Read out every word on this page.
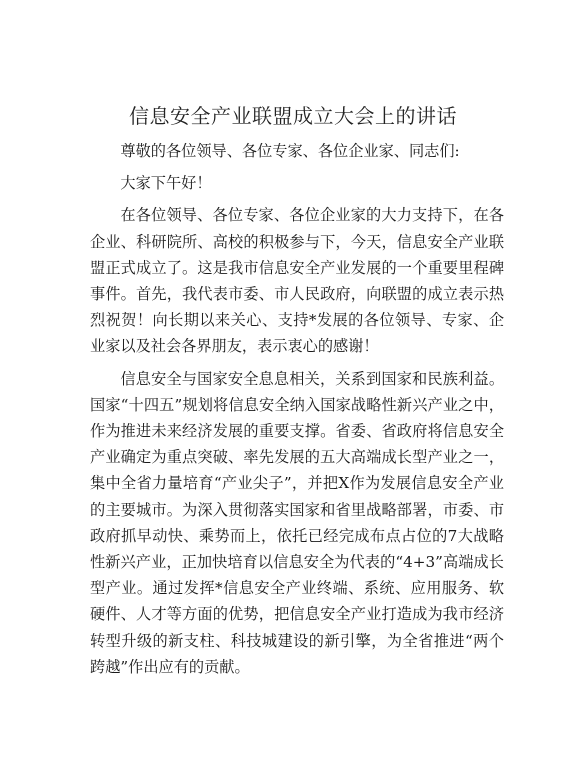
信息安全产业联盟成立大会上的讲话

尊敬的各位领导、各位专家、各位企业家、同志们:

大家下午好！

在各位领导、各位专家、各位企业家的大力支持下，在各企业、科研院所、高校的积极参与下，今天，信息安全产业联盟正式成立了。这是我市信息安全产业发展的一个重要里程碑事件。首先，我代表市委、市人民政府，向联盟的成立表示热烈祝贺！向长期以来关心、支持*发展的各位领导、专家、企业家以及社会各界朋友，表示衷心的感谢！

信息安全与国家安全息息相关，关系到国家和民族利益。国家“十四五”规划将信息安全纳入国家战略性新兴产业之中，作为推进未来经济发展的重要支撑。省委、省政府将信息安全产业确定为重点突破、率先发展的五大高端成长型产业之一，集中全省力量培育“产业尖子”，并把X作为发展信息安全产业的主要城市。为深入贯彻落实国家和省里战略部署，市委、市政府抓早动快、乘势而上，依托已经完成布点占位的7大战略性新兴产业，正加快培育以信息安全为代表的“4+3”高端成长型产业。通过发挥*信息安全产业终端、系统、应用服务、软硬件、人才等方面的优势，把信息安全产业打造成为我市经济转型升级的新支柱、科技城建设的新引擎，为全省推进“两个跨越”作出应有的贡献。
